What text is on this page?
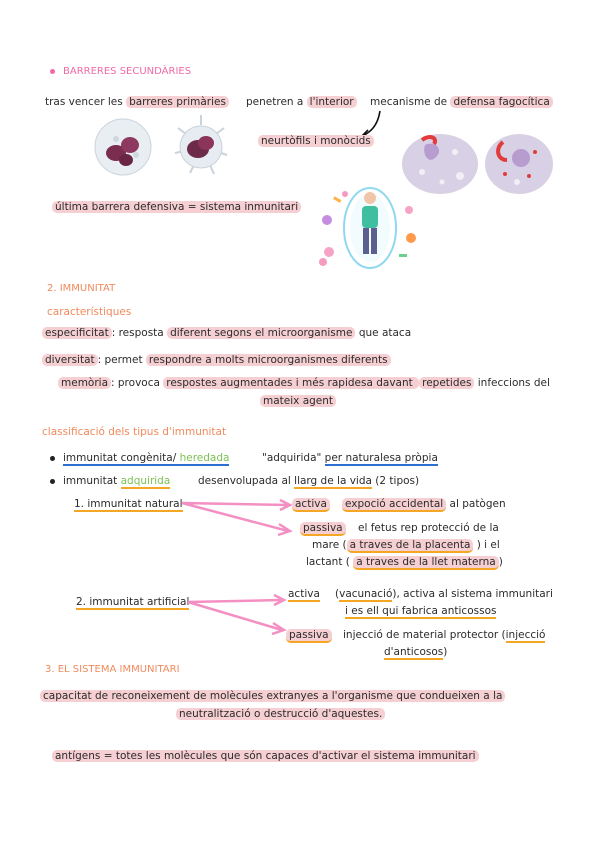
BARRERES SECUNDÀRIES
tras vencer les barreres primàries penetren a l'interior mecanisme de defensa fagocítica
neurtòfils i monòcids
última barrera defensiva = sistema inmunitari
2. IMMUNITAT
característiques
especificitat : resposta diferent segons el microorganisme que ataca
diversitat : permet respondre a molts microorganismes diferents
memòria : provoca respostes augmentades i més rapidesa davant repetides infeccions del
mateix agent
classificació dels tipus d'immunitat
immunitat congènita/ heredada	"adquirida" per naturalesa pròpia
immunitat adquirida	desenvolupada al llarg de la vida (2 tipos)
1. immunitat natural	activa expoció accidental al patògen
passiva el fetus rep protecció de la
mare ( a traves de la placenta ) i el
lactant ( a traves de la llet materna )
2. immunitat artificial
activa (vacunació), activa al sistema immunitari
i es ell qui fabrica anticossos
passiva injecció de material protector (injecció
d'anticosos)
3. EL SISTEMA IMMUNITARI
capacitat de reconeixement de molècules extranyes a l'organisme que condueixen a la
neutralització o destrucció d'aquestes.
antígens = totes les molècules que són capaces d'activar el sistema immunitari
